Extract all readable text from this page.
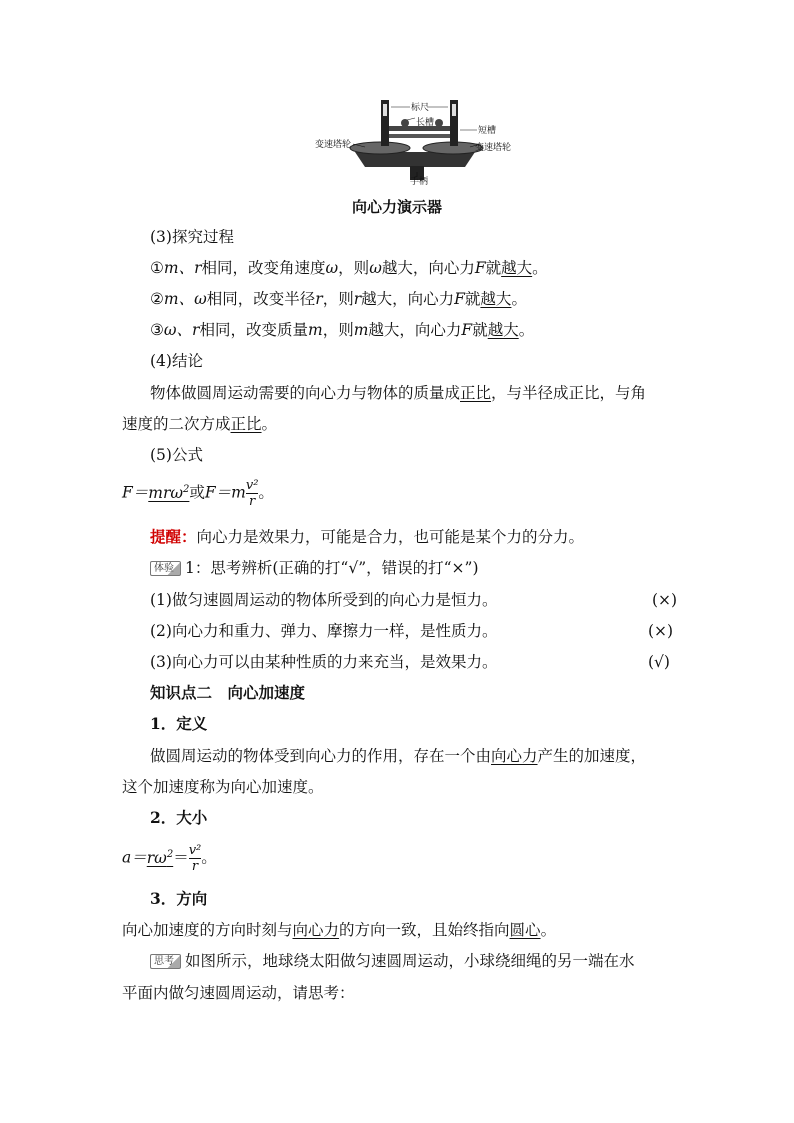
标尺
长槽
短槽
变速塔轮	变速塔轮
手柄
向心力演示器
(3)探究过程
①m、r相同，改变角速度ω，则ω越大，向心力F就越大。
②m、ω相同，改变半径r，则r越大，向心力F就越大。
③ω、r相同，改变质量m，则m越大，向心力F就越大。
(4)结论
物体做圆周运动需要的向心力与物体的质量成正比，与半径成正比，与角
速度的二次方成正比。
(5)公式
F＝mrω$^2$或$F=m \frac{\text{v²}}{r}$ 。
提醒：向心力是效果力，可能是合力，也可能是某个力的分力。
体验 1：思考辨析(正确的打“√”，错误的打“×”)
(1)做匀速圆周运动的物体所受到的向心力是恒力。	(×)
(2)向心力和重力、弹力、摩擦力一样，是性质力。	(×)
(3)向心力可以由某种性质的力来充当，是效果力。	(√)
知识点二　向心加速度
1．定义
做圆周运动的物体受到向心力的作用，存在一个由向心力产生的加速度，
这个加速度称为向心加速度。
2．大小
$a=r\omega^2= \frac{\text{v²}}{r}$ 。
3．方向
向心加速度的方向时刻与向心力的方向一致，且始终指向圆心。
思考 如图所示，地球绕太阳做匀速圆周运动，小球绕细绳的另一端在水
平面内做匀速圆周运动，请思考：
